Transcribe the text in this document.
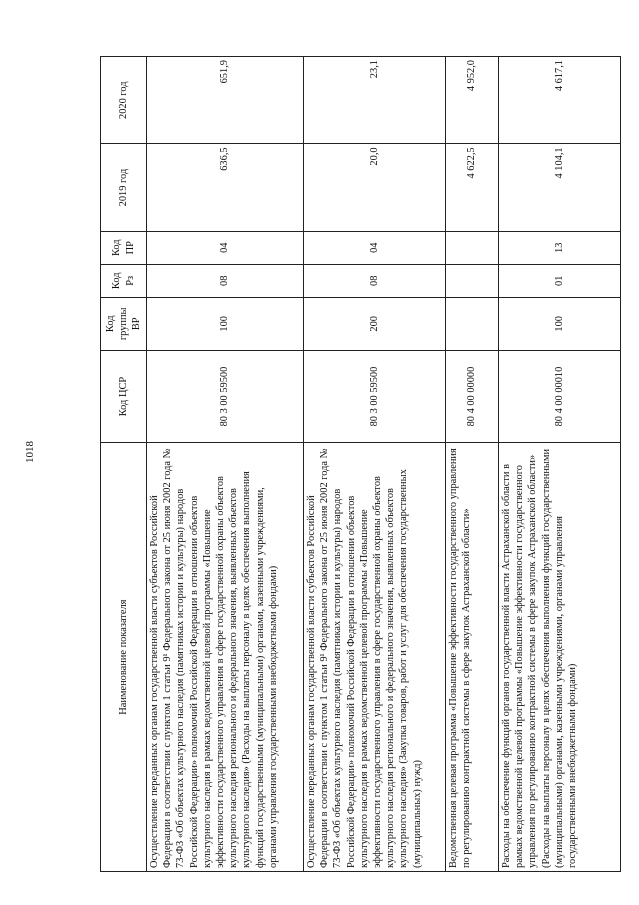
1018
Наименование показателя	Код ЦСР	Код группы ВР	Код Рз	Код ПР	2019 год	2020 год
Осуществление переданных органам государственной власти субъектов Российской Федерации в соответствии с пунктом 1 статьи 9¹ Федерального закона от 25 июня 2002 года № 73-ФЗ «Об объектах культурного наследия (памятниках истории и культуры) народов Российской Федерации» полномочий Российской Федерации в отношении объектов культурного наследия в рамках ведомственной целевой программы «Повышение эффективности государственного управления в сфере государственной охраны объектов культурного наследия регионального и федерального значения, выявленных объектов культурного наследия» (Расходы на выплаты персоналу в целях обеспечения выполнения функций государственными (муниципальными) органами, казенными учреждениями, органами управления государственными внебюджетными фондами)	80 3 00 59500	100	08	04	636,5	651,9
Осуществление переданных органам государственной власти субъектов Российской Федерации в соответствии с пунктом 1 статьи 9¹ Федерального закона от 25 июня 2002 года № 73-ФЗ «Об объектах культурного наследия (памятниках истории и культуры) народов Российской Федерации» полномочий Российской Федерации в отношении объектов культурного наследия в рамках ведомственной целевой программы «Повышение эффективности государственного управления в сфере государственной охраны объектов культурного наследия регионального и федерального значения, выявленных объектов культурного наследия» (Закупка товаров, работ и услуг для обеспечения государственных (муниципальных) нужд)	80 3 00 59500	200	08	04	20,0	23,1
Ведомственная целевая программа «Повышение эффективности государственного управления по регулированию контрактной системы в сфере закупок Астраханской области»	80 4 00 00000				4 622,5	4 952,0
Расходы на обеспечение функций органов государственной власти Астраханской области в рамках ведомственной целевой программы «Повышение эффективности государственного управления по регулированию контрактной системы в сфере закупок Астраханской области» (Расходы на выплаты персоналу в целях обеспечения выполнения функций государственными (муниципальными) органами, казенными учреждениями, органами управления государственными внебюджетными фондами)	80 4 00 00010	100	01	13	4 104,1	4 617,1
